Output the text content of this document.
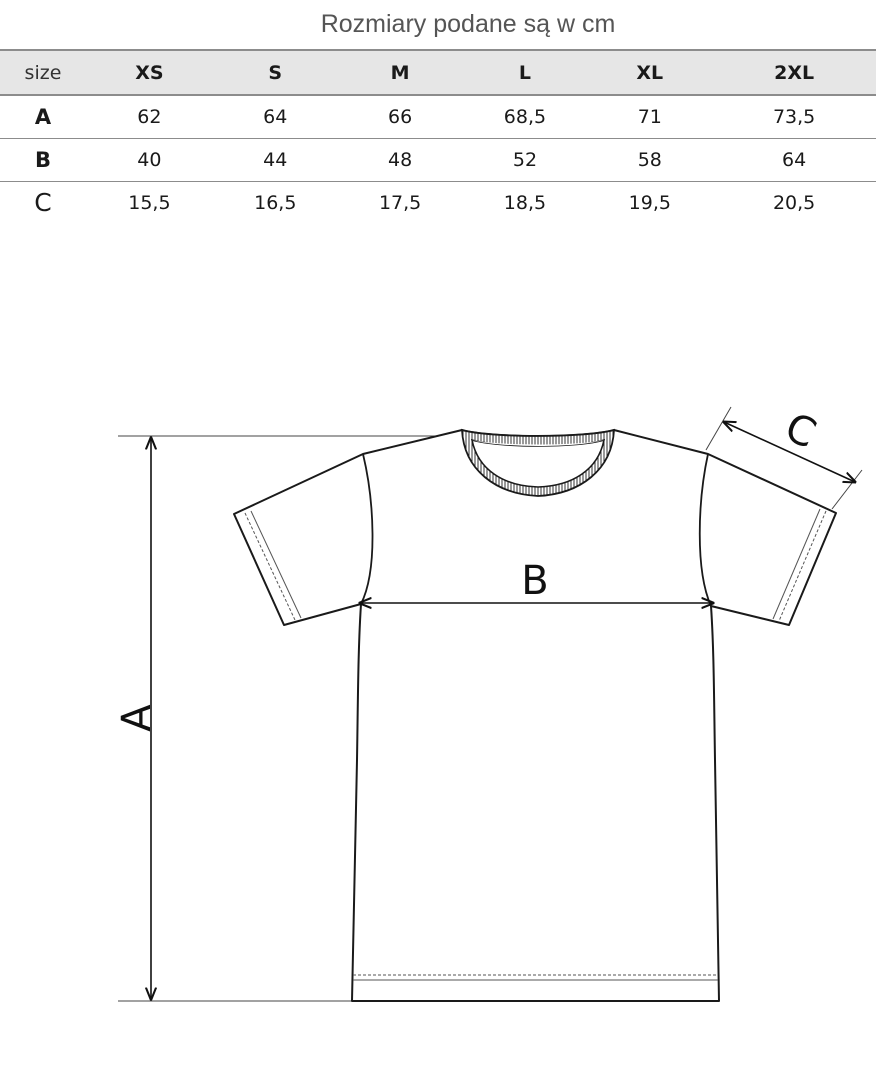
Rozmiary podane są w cm
size	XS	S	M	L	XL	2XL
A	62	64	66	68,5	71	73,5
B	40	44	48	52	58	64
C	15,5	16,5	17,5	18,5	19,5	20,5
A
B
C
